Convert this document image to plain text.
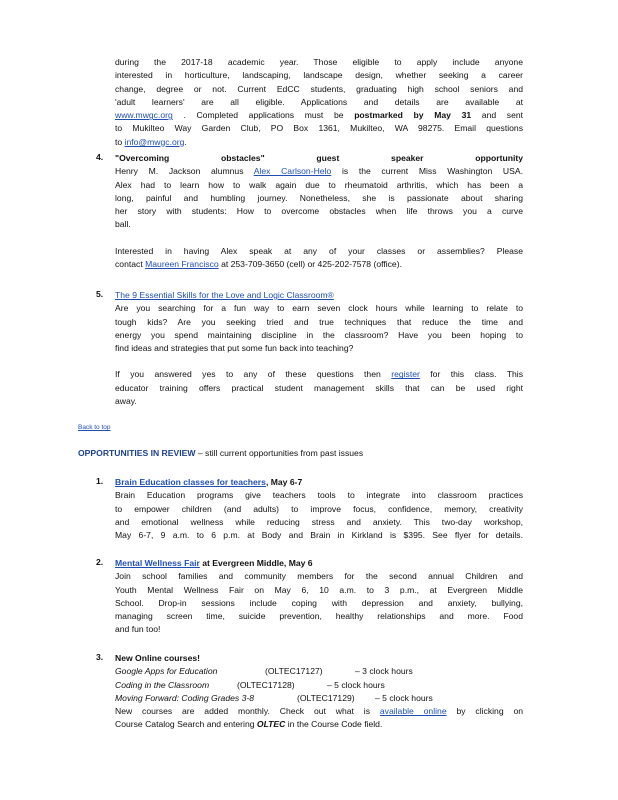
during the 2017-18 academic year. Those eligible to apply include anyone
interested in horticulture, landscaping, landscape design, whether seeking a career
change, degree or not. Current EdCC students, graduating high school seniors and
'adult learners' are all eligible. Applications and details are available at
www.mwgc.org . Completed applications must be postmarked by May 31 and sent
to Mukilteo Way Garden Club, PO Box 1361, Mukilteo, WA 98275. Email questions
to info@mwgc.org.
4. "Overcoming obstacles" guest speaker opportunity
Henry M. Jackson alumnus Alex Carlson-Helo is the current Miss Washington USA.
Alex had to learn how to walk again due to rheumatoid arthritis, which has been a
long, painful and humbling journey. Nonetheless, she is passionate about sharing
her story with students: How to overcome obstacles when life throws you a curve
ball.
Interested in having Alex speak at any of your classes or assemblies? Please
contact Maureen Francisco at 253-709-3650 (cell) or 425-202-7578 (office).
5. The 9 Essential Skills for the Love and Logic Classroom®
Are you searching for a fun way to earn seven clock hours while learning to relate to
tough kids? Are you seeking tried and true techniques that reduce the time and
energy you spend maintaining discipline in the classroom? Have you been hoping to
find ideas and strategies that put some fun back into teaching?
If you answered yes to any of these questions then register for this class. This
educator training offers practical student management skills that can be used right
away.
Back to top
OPPORTUNITIES IN REVIEW – still current opportunities from past issues
1. Brain Education classes for teachers, May 6-7
Brain Education programs give teachers tools to integrate into classroom practices
to empower children (and adults) to improve focus, confidence, memory, creativity
and emotional wellness while reducing stress and anxiety. This two-day workshop,
May 6-7, 9 a.m. to 6 p.m. at Body and Brain in Kirkland is $395. See flyer for details.
2. Mental Wellness Fair at Evergreen Middle, May 6
Join school families and community members for the second annual Children and
Youth Mental Wellness Fair on May 6, 10 a.m. to 3 p.m., at Evergreen Middle
School. Drop-in sessions include coping with depression and anxiety, bullying,
managing screen time, suicide prevention, healthy relationships and more. Food
and fun too!
3. New Online courses!
Google Apps for Education	(OLTEC17127)	– 3 clock hours
Coding in the Classroom	(OLTEC17128)	– 5 clock hours
Moving Forward: Coding Grades 3-8	(OLTEC17129) – 5 clock hours
New courses are added monthly. Check out what is available online by clicking on
Course Catalog Search and entering OLTEC in the Course Code field.
